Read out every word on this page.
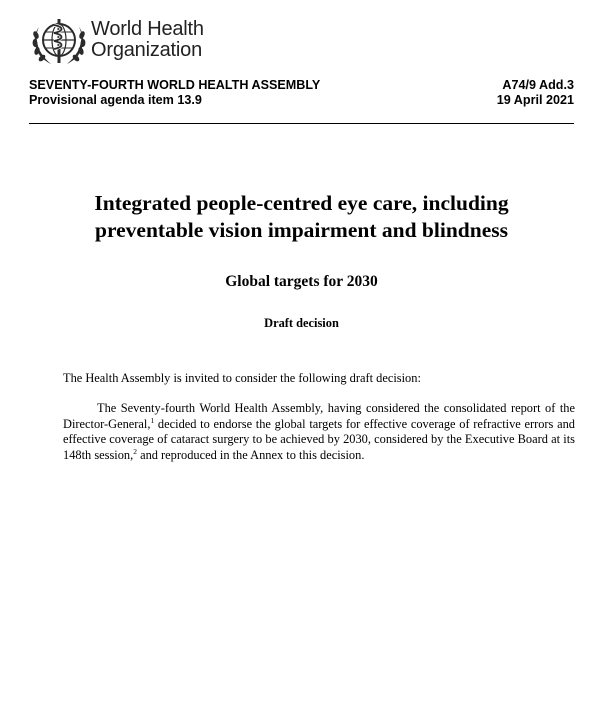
World Health
Organization
SEVENTY-FOURTH WORLD HEALTH ASSEMBLY
Provisional agenda item 13.9
A74/9 Add.3
19 April 2021
Integrated people-centred eye care, including
preventable vision impairment and blindness
Global targets for 2030
Draft decision
The Health Assembly is invited to consider the following draft decision:
The Seventy-fourth World Health Assembly, having considered the consolidated report of the Director-General,$^1$ decided to endorse the global targets for effective coverage of refractive errors and effective coverage of cataract surgery to be achieved by 2030, considered by the Executive Board at its 148th session,$^2$ and reproduced in the Annex to this decision.
